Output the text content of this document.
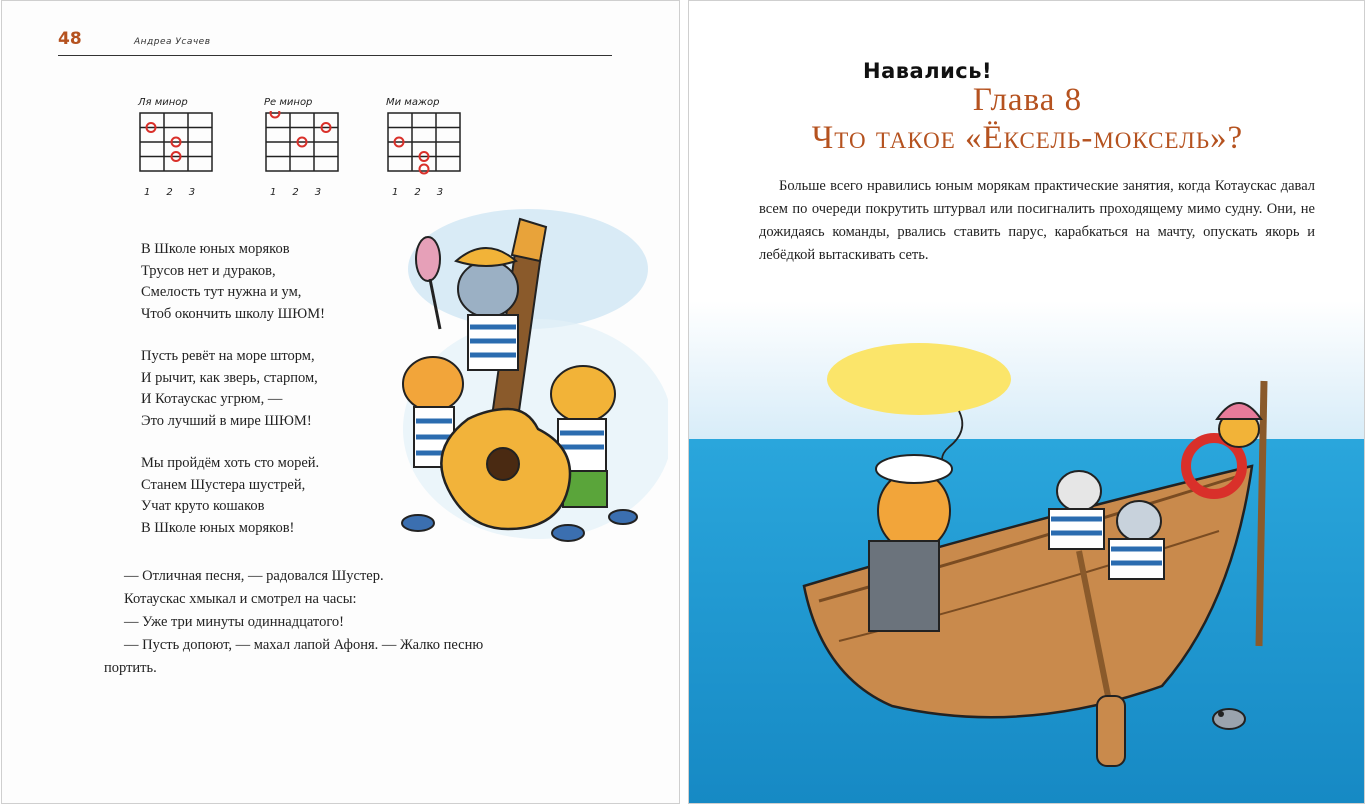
48	Андреа Усачев
Ля минор
1 2 3
Ре минор
1 2 3
Ми мажор
1 2 3
В Школе юных моряков
Трусов нет и дураков,
Смелость тут нужна и ум,
Чтоб окончить школу ШЮМ!
Пусть ревёт на море шторм,
И рычит, как зверь, старпом,
И Котаускас угрюм, —
Это лучший в мире ШЮМ!
Мы пройдём хоть сто морей.
Станем Шустера шустрей,
Учат круто кошаков
В Школе юных моряков!
— Отличная песня, — радовался Шустер.
Котаускас хмыкал и смотрел на часы:
— Уже три минуты одиннадцатого!
— Пусть допоют, — махал лапой Афоня. — Жалко песню
портить.
Глава 8
Что такое «Ёксель-моксель»?
Больше всего нравились юным морякам практические занятия, когда Котаускас давал всем по очереди покрутить штурвал или посигналить проходящему мимо судну. Они, не дожидаясь команды, рвались ставить парус, карабкаться на мачту, опускать якорь и лебёдкой вытаскивать сеть.
Навались!
